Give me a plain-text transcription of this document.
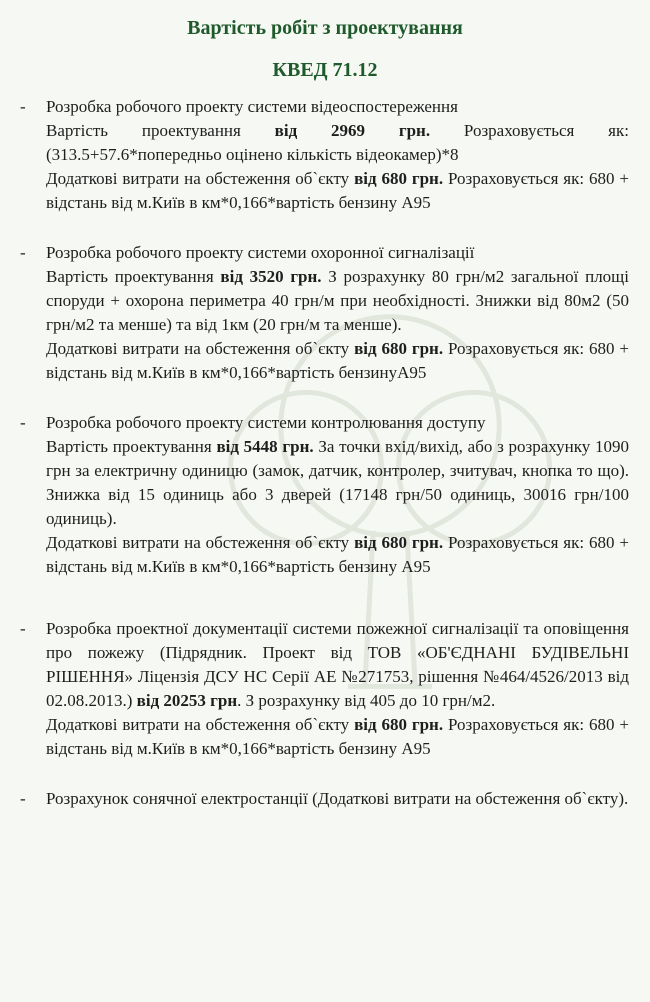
Вартість робіт з проектування
КВЕД 71.12
- Розробка робочого проекту системи відеоспостереження
Вартість проектування від 2969 грн. Розраховується як: (313.5+57.6*попередньо оцінено кількість відеокамер)*8
Додаткові витрати на обстеження об`єкту від 680 грн. Розраховується як: 680 + відстань від м.Київ в км*0,166*вартість бензину А95
- Розробка робочого проекту системи охоронної сигналізації
Вартість проектування від 3520 грн. З розрахунку 80 грн/м2 загальної площі споруди + охорона периметра 40 грн/м при необхідності. Знижки від 80м2 (50 грн/м2 та менше) та від 1км (20 грн/м та менше).
Додаткові витрати на обстеження об`єкту від 680 грн. Розраховується як: 680 + відстань від м.Київ в км*0,166*вартість бензинуА95
- Розробка робочого проекту системи контролювання доступу
Вартість проектування від 5448 грн. За точки вхід/вихід, або з розрахунку 1090 грн за електричну одиницю (замок, датчик, контролер, зчитувач, кнопка то що). Знижка від 15 одиниць або 3 дверей (17148 грн/50 одиниць, 30016 грн/100 одиниць).
Додаткові витрати на обстеження об`єкту від 680 грн. Розраховується як: 680 + відстань від м.Київ в км*0,166*вартість бензину А95
- Розробка проектної документації системи пожежної сигналізації та оповіщення про пожежу (Підрядник. Проект від ТОВ «ОБ'ЄДНАНІ БУДІВЕЛЬНІ РІШЕННЯ» Ліцензія ДСУ НС Серії АЕ №271753, рішення №464/4526/2013 від 02.08.2013.) від 20253 грн. З розрахунку від 405 до 10 грн/м2.
Додаткові витрати на обстеження об`єкту від 680 грн. Розраховується як: 680 + відстань від м.Київ в км*0,166*вартість бензину А95
- Розрахунок сонячної електростанції (Додаткові витрати на обстеження об`єкту).
